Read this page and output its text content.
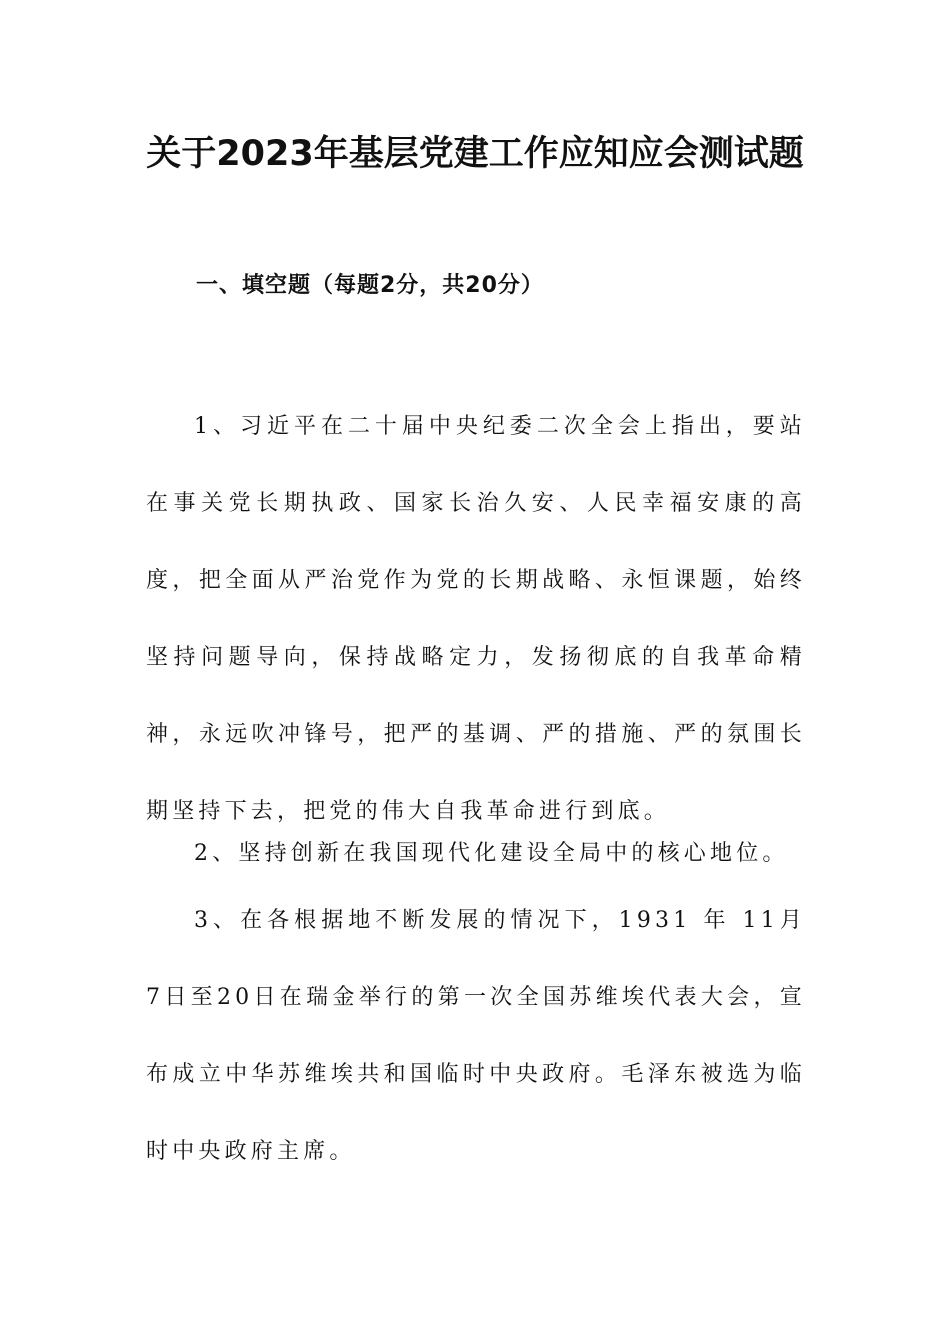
关于2023年基层党建工作应知应会测试题
一、填空题（每题2分，共20分）

1、习近平在二十届中央纪委二次全会上指出，要站在事关党长期执政、国家长治久安、人民幸福安康的高度，把全面从严治党作为党的长期战略、永恒课题，始终坚持问题导向，保持战略定力，发扬彻底的自我革命精神，永远吹冲锋号，把严的基调、严的措施、严的氛围长期坚持下去，把党的伟大自我革命进行到底。

2、坚持创新在我国现代化建设全局中的核心地位。

3、在各根据地不断发展的情况下，1931 年 11月7日至20日在瑞金举行的第一次全国苏维埃代表大会，宣布成立中华苏维埃共和国临时中央政府。毛泽东被选为临时中央政府主席。
